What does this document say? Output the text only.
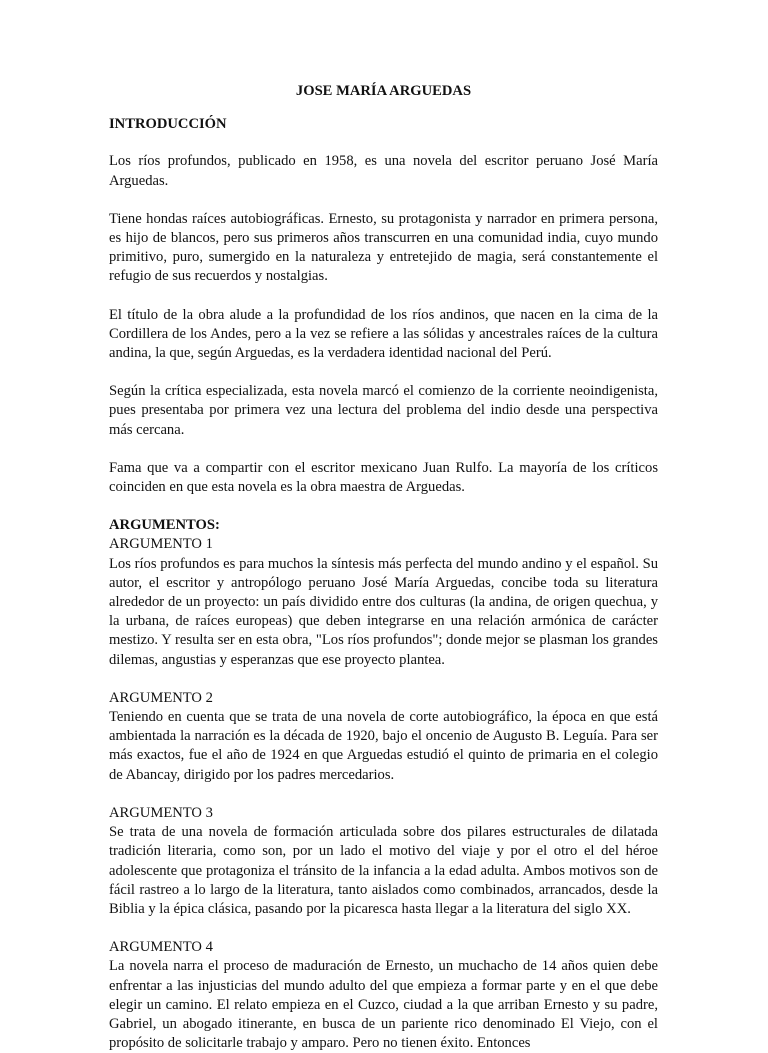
JOSE MARÍA ARGUEDAS
INTRODUCCIÓN

Los ríos profundos, publicado en 1958, es una novela del escritor peruano José María Arguedas.

Tiene hondas raíces autobiográficas. Ernesto, su protagonista y narrador en primera persona, es hijo de blancos, pero sus primeros años transcurren en una comunidad india, cuyo mundo primitivo, puro, sumergido en la naturaleza y entretejido de magia, será constantemente el refugio de sus recuerdos y nostalgias.

El título de la obra alude a la profundidad de los ríos andinos, que nacen en la cima de la Cordillera de los Andes, pero a la vez se refiere a las sólidas y ancestrales raíces de la cultura andina, la que, según Arguedas, es la verdadera identidad nacional del Perú.

Según la crítica especializada, esta novela marcó el comienzo de la corriente neoindigenista, pues presentaba por primera vez una lectura del problema del indio desde una perspectiva más cercana.

Fama que va a compartir con el escritor mexicano Juan Rulfo. La mayoría de los críticos coinciden en que esta novela es la obra maestra de Arguedas.

ARGUMENTOS:
ARGUMENTO 1
Los ríos profundos es para muchos la síntesis más perfecta del mundo andino y el español. Su autor, el escritor y antropólogo peruano José María Arguedas, concibe toda su literatura alrededor de un proyecto: un país dividido entre dos culturas (la andina, de origen quechua, y la urbana, de raíces europeas) que deben integrarse en una relación armónica de carácter mestizo. Y resulta ser en esta obra, "Los ríos profundos"; donde mejor se plasman los grandes dilemas, angustias y esperanzas que ese proyecto plantea.
ARGUMENTO 2
Teniendo en cuenta que se trata de una novela de corte autobiográfico, la época en que está ambientada la narración es la década de 1920, bajo el oncenio de Augusto B. Leguía. Para ser más exactos, fue el año de 1924 en que Arguedas estudió el quinto de primaria en el colegio de Abancay, dirigido por los padres mercedarios.
ARGUMENTO 3
Se trata de una novela de formación articulada sobre dos pilares estructurales de dilatada tradición literaria, como son, por un lado el motivo del viaje y por el otro el del héroe adolescente que protagoniza el tránsito de la infancia a la edad adulta. Ambos motivos son de fácil rastreo a lo largo de la literatura, tanto aislados como combinados, arrancados, desde la Biblia y la épica clásica, pasando por la picaresca hasta llegar a la literatura del siglo XX.
ARGUMENTO 4
La novela narra el proceso de maduración de Ernesto, un muchacho de 14 años quien debe enfrentar a las injusticias del mundo adulto del que empieza a formar parte y en el que debe elegir un camino. El relato empieza en el Cuzco, ciudad a la que arriban Ernesto y su padre, Gabriel, un abogado itinerante, en busca de un pariente rico denominado El Viejo, con el propósito de solicitarle trabajo y amparo. Pero no tienen éxito. Entonces
